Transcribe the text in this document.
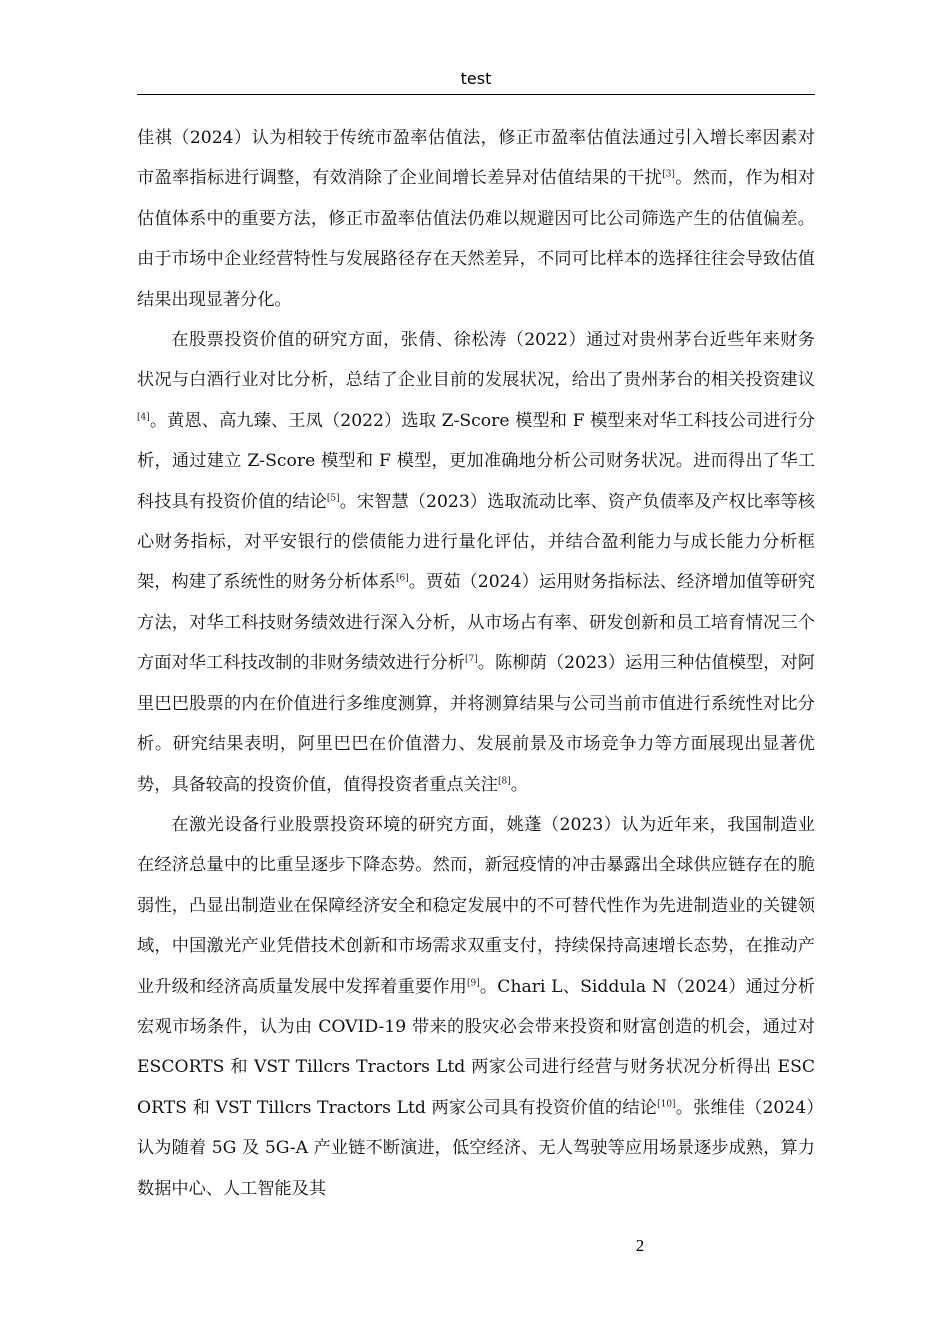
test

佳祺（2024）认为相较于传统市盈率估值法，修正市盈率估值法通过引入增长率因素对市盈率指标进行调整，有效消除了企业间增长差异对估值结果的干扰[3]。然而，作为相对估值体系中的重要方法，修正市盈率估值法仍难以规避因可比公司筛选产生的估值偏差。由于市场中企业经营特性与发展路径存在天然差异，不同可比样本的选择往往会导致估值结果出现显著分化。

在股票投资价值的研究方面，张倩、徐松涛（2022）通过对贵州茅台近些年来财务状况与白酒行业对比分析，总结了企业目前的发展状况，给出了贵州茅台的相关投资建议[4]。黄恩、高九臻、王凤（2022）选取 Z-Score 模型和 F 模型来对华工科技公司进行分析，通过建立 Z-Score 模型和 F 模型，更加准确地分析公司财务状况。进而得出了华工科技具有投资价值的结论[5]。宋智慧（2023）选取流动比率、资产负债率及产权比率等核心财务指标，对平安银行的偿债能力进行量化评估，并结合盈利能力与成长能力分析框架，构建了系统性的财务分析体系[6]。贾茹（2024）运用财务指标法、经济增加值等研究方法，对华工科技财务绩效进行深入分析，从市场占有率、研发创新和员工培育情况三个方面对华工科技改制的非财务绩效进行分析[7]。陈柳荫（2023）运用三种估值模型，对阿里巴巴股票的内在价值进行多维度测算，并将测算结果与公司当前市值进行系统性对比分析。研究结果表明，阿里巴巴在价值潜力、发展前景及市场竞争力等方面展现出显著优势，具备较高的投资价值，值得投资者重点关注[8]。

在激光设备行业股票投资环境的研究方面，姚蓬（2023）认为近年来，我国制造业在经济总量中的比重呈逐步下降态势。然而，新冠疫情的冲击暴露出全球供应链存在的脆弱性，凸显出制造业在保障经济安全和稳定发展中的不可替代性作为先进制造业的关键领域，中国激光产业凭借技术创新和市场需求双重支付，持续保持高速增长态势，在推动产业升级和经济高质量发展中发挥着重要作用[9]。Chari L、Siddula N（2024）通过分析宏观市场条件，认为由 COVID-19 带来的股灾必会带来投资和财富创造的机会，通过对 ESCORTS 和 VST Tillcrs Tractors Ltd 两家公司进行经营与财务状况分析得出 ESCORTS 和 VST Tillcrs Tractors Ltd 两家公司具有投资价值的结论[10]。张维佳（2024）认为随着 5G 及 5G-A 产业链不断演进，低空经济、无人驾驶等应用场景逐步成熟，算力数据中心、人工智能及其

2
